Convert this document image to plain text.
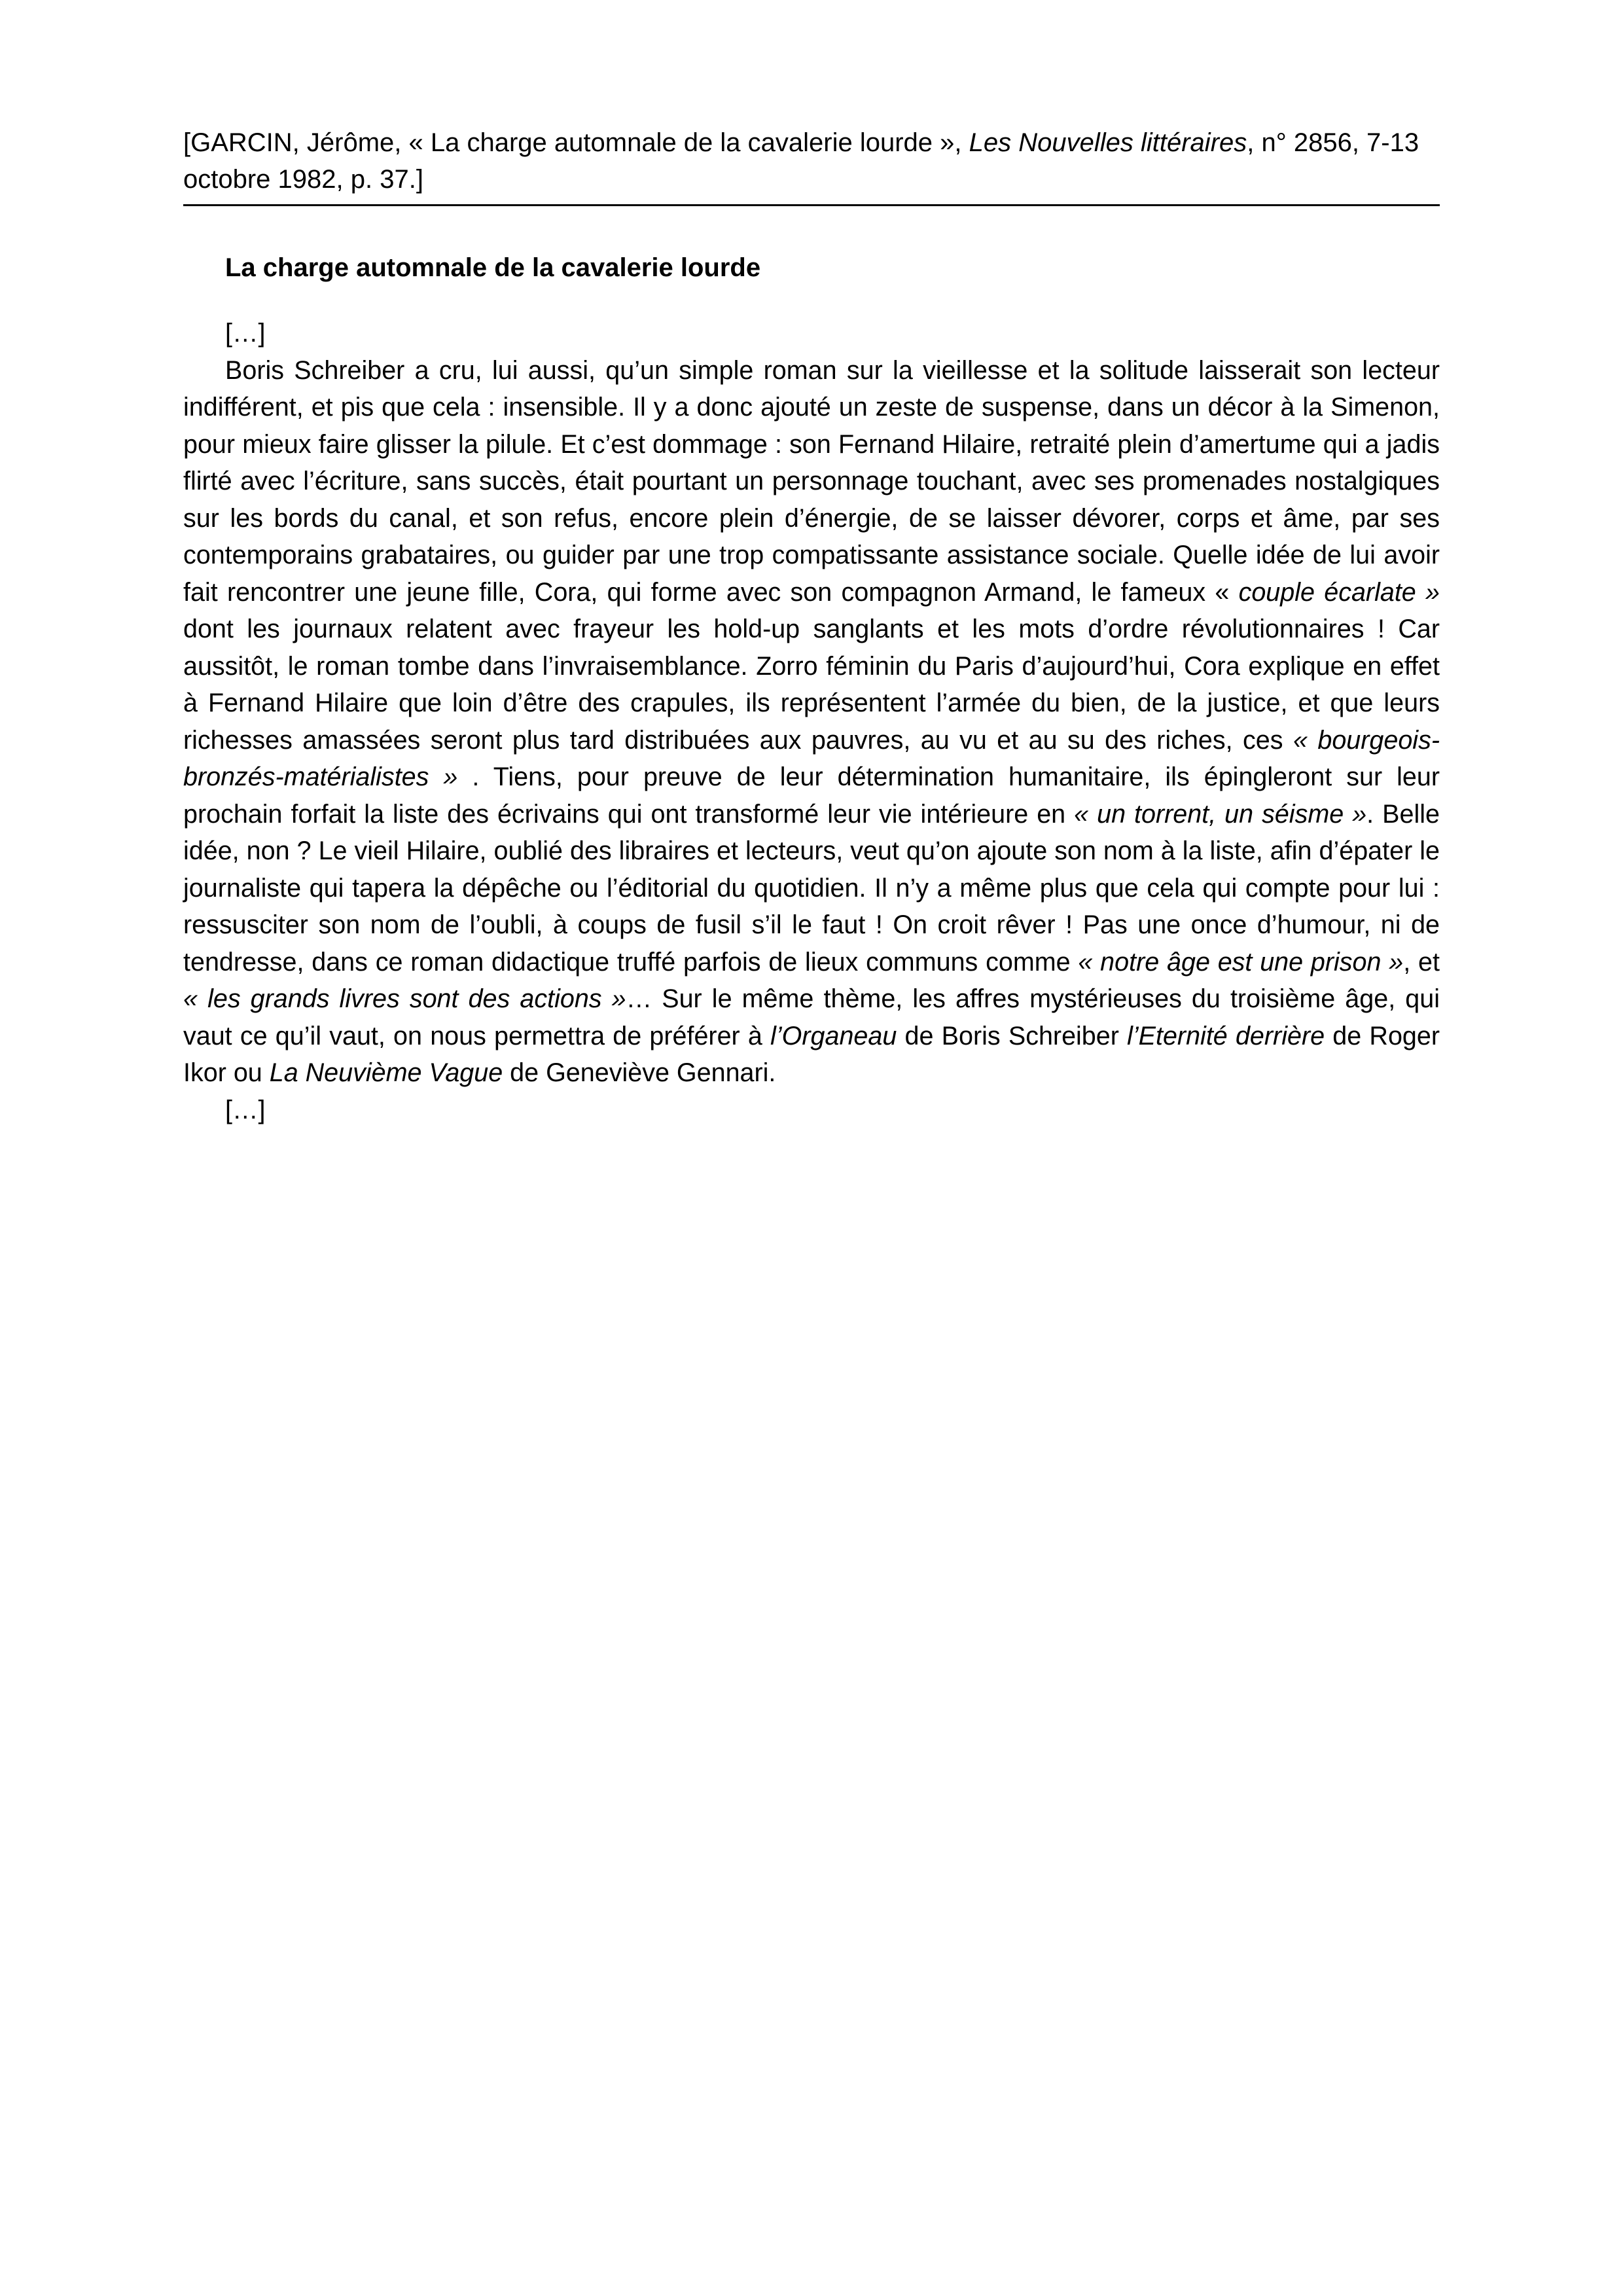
[GARCIN, Jérôme, « La charge automnale de la cavalerie lourde », Les Nouvelles littéraires, n° 2856, 7-13 octobre 1982, p. 37.]

La charge automnale de la cavalerie lourde

[…]

Boris Schreiber a cru, lui aussi, qu’un simple roman sur la vieillesse et la solitude laisserait son lecteur indifférent, et pis que cela : insensible. Il y a donc ajouté un zeste de suspense, dans un décor à la Simenon, pour mieux faire glisser la pilule. Et c’est dommage : son Fernand Hilaire, retraité plein d’amertume qui a jadis flirté avec l’écriture, sans succès, était pourtant un personnage touchant, avec ses promenades nostalgiques sur les bords du canal, et son refus, encore plein d’énergie, de se laisser dévorer, corps et âme, par ses contemporains grabataires, ou guider par une trop compatissante assistance sociale. Quelle idée de lui avoir fait rencontrer une jeune fille, Cora, qui forme avec son compagnon Armand, le fameux « couple écarlate » dont les journaux relatent avec frayeur les hold-up sanglants et les mots d’ordre révolutionnaires ! Car aussitôt, le roman tombe dans l’invraisemblance. Zorro féminin du Paris d’aujourd’hui, Cora explique en effet à Fernand Hilaire que loin d’être des crapules, ils représentent l’armée du bien, de la justice, et que leurs richesses amassées seront plus tard distribuées aux pauvres, au vu et au su des riches, ces « bourgeois-bronzés-matérialistes » . Tiens, pour preuve de leur détermination humanitaire, ils épingleront sur leur prochain forfait la liste des écrivains qui ont transformé leur vie intérieure en « un torrent, un séisme ». Belle idée, non ? Le vieil Hilaire, oublié des libraires et lecteurs, veut qu’on ajoute son nom à la liste, afin d’épater le journaliste qui tapera la dépêche ou l’éditorial du quotidien. Il n’y a même plus que cela qui compte pour lui : ressusciter son nom de l’oubli, à coups de fusil s’il le faut ! On croit rêver ! Pas une once d’humour, ni de tendresse, dans ce roman didactique truffé parfois de lieux communs comme « notre âge est une prison », et « les grands livres sont des actions »… Sur le même thème, les affres mystérieuses du troisième âge, qui vaut ce qu’il vaut, on nous permettra de préférer à l’Organeau de Boris Schreiber l’Eternité derrière de Roger Ikor ou La Neuvième Vague de Geneviève Gennari.

[…]
